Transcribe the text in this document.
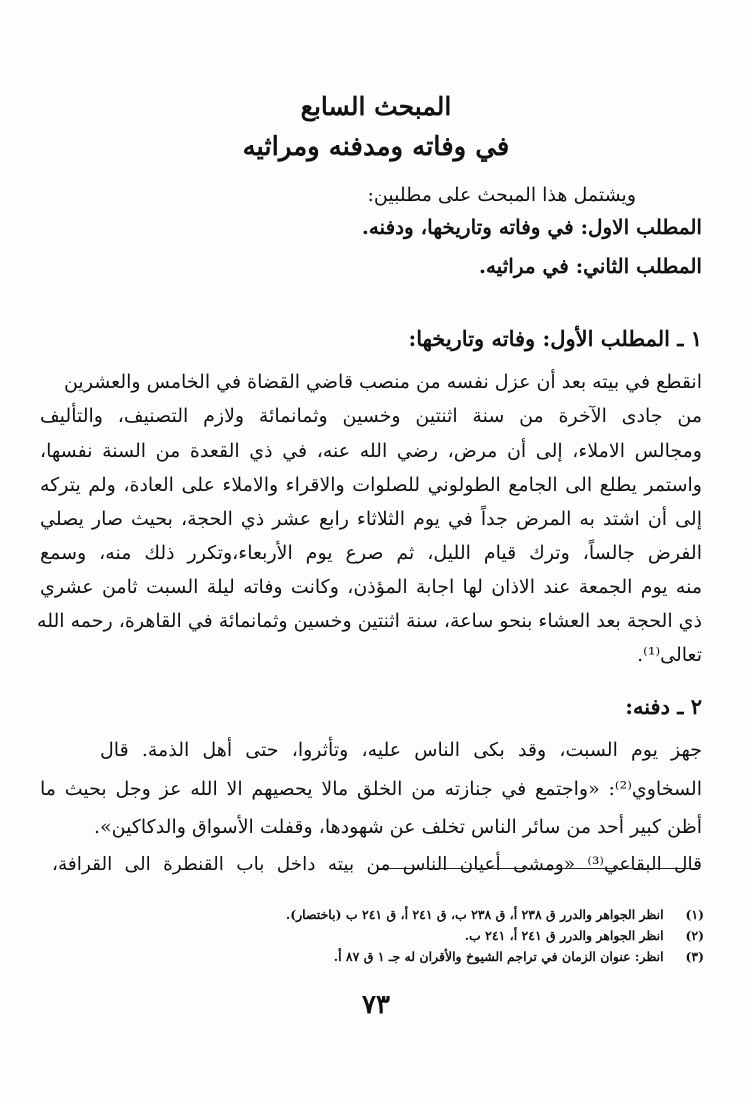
المبحث السابع
في وفاته ومدفنه ومراثيه
ويشتمل هذا المبحث على مطلبين:
المطلب الاول: في وفاته وتاريخها، ودفنه.
المطلب الثاني: في مراثيه.
١ ـ المطلب الأول: وفاته وتاريخها:
انقطع في بيته بعد أن عزل نفسه من منصب قاضي القضاة في الخامس والعشرين
من جادى الآخرة من سنة اثنتين وخسين وثمانمائة ولازم التصنيف، والتأليف
ومجالس الاملاء، إلى أن مرض، رضي الله عنه، في ذي القعدة من السنة نفسها،
واستمر يطلع الى الجامع الطولوني للصلوات والاقراء والاملاء على العادة، ولم يتركه
إلى أن اشتد به المرض جداً في يوم الثلاثاء رابع عشر ذي الحجة، بحيث صار يصلي
الفرض جالساً، وترك قيام الليل، ثم صرع يوم الأربعاء،وتكرر ذلك منه، وسمع
منه يوم الجمعة عند الاذان لها اجابة المؤذن، وكانت وفاته ليلة السبت ثامن عشري
ذي الحجة بعد العشاء بنحو ساعة، سنة اثنتين وخسين وثمانمائة في القاهرة، رحمه الله
تعالى⁽¹⁾.
٢ ـ دفنه:
جهز يوم السبت، وقد بكى الناس عليه، وتأثروا، حتى أهل الذمة. قال
السخاوي⁽²⁾: «واجتمع في جنازته من الخلق مالا يحصيهم الا الله عز وجل بحيث ما
أظن كبير أحد من سائر الناس تخلف عن شهودها، وقفلت الأسواق والدكاكين».
قال البقاعي⁽³⁾ «ومشى أعيان الناس من بيته داخل باب القنطرة الى القرافة،
(١) انظر الجواهر والدرر ق ٢٣٨ أ، ق ٢٣٨ ب، ق ٢٤١ أ، ق ٢٤١ ب (باختصار).
(٢) انظر الجواهر والدرر ق ٢٤١ أ، ٢٤١ ب.
(٣) انظر: عنوان الزمان في تراجم الشيوخ والأقران له جـ ١ ق ٨٧ أ.
٧٣
